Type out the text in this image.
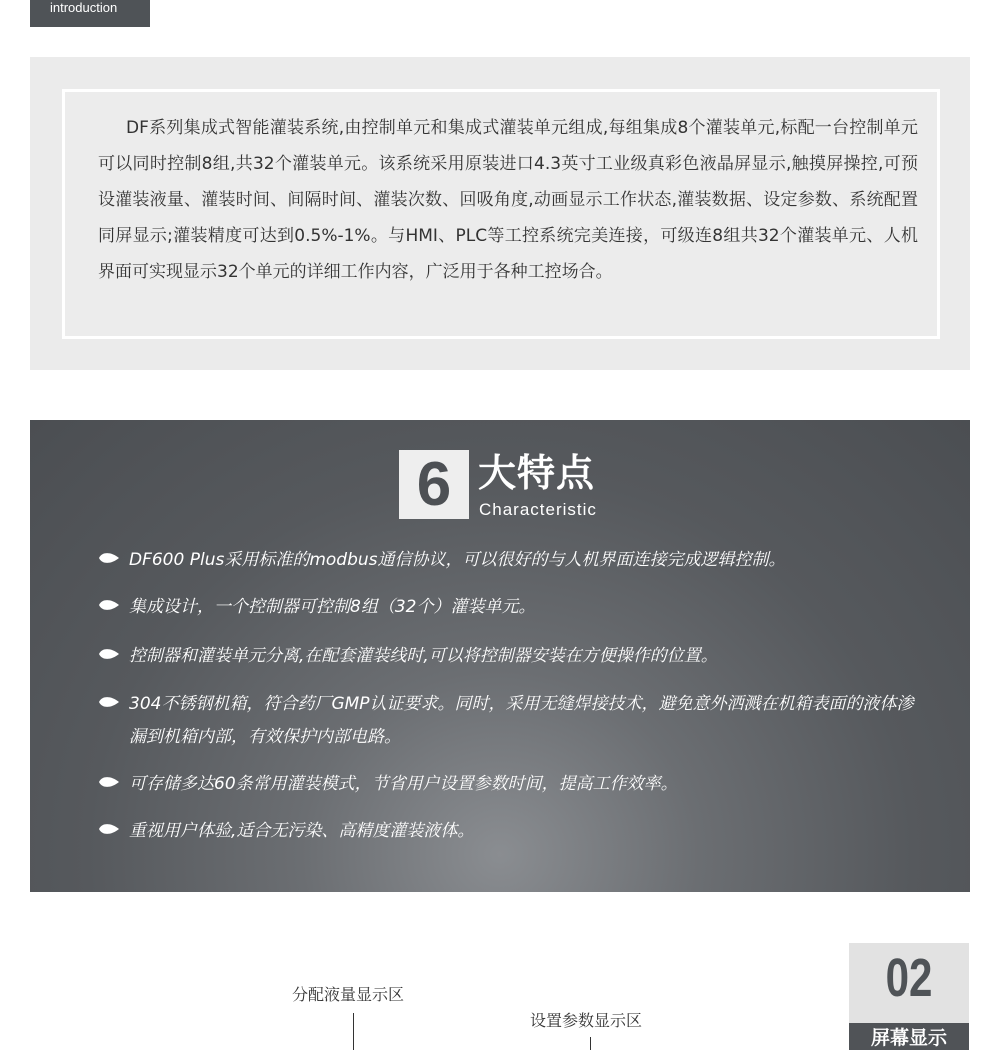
introduction

DF系列集成式智能灌装系统,由控制单元和集成式灌装单元组成,每组集成8个灌装单元,标配一台控制单元可以同时控制8组,共32个灌装单元。该系统采用原装进口4.3英寸工业级真彩色液晶屏显示,触摸屏操控,可预设灌装液量、灌装时间、间隔时间、灌装次数、回吸角度,动画显示工作状态,灌装数据、设定参数、系统配置同屏显示;灌装精度可达到0.5%-1%。与HMI、PLC等工控系统完美连接，可级连8组共32个灌装单元、人机界面可实现显示32个单元的详细工作内容，广泛用于各种工控场合。

6 大特点
Characteristic

DF600 Plus采用标准的modbus通信协议，可以很好的与人机界面连接完成逻辑控制。

集成设计，一个控制器可控制8组（32个）灌装单元。

控制器和灌装单元分离,在配套灌装线时,可以将控制器安装在方便操作的位置。

304不锈钢机箱，符合药厂GMP认证要求。同时，采用无缝焊接技术，避免意外洒溅在机箱表面的液体渗漏到机箱内部，有效保护内部电路。

可存储多达60条常用灌装模式，节省用户设置参数时间，提高工作效率。

重视用户体验,适合无污染、高精度灌装液体。

分配液量显示区
设置参数显示区
02
屏幕显示
